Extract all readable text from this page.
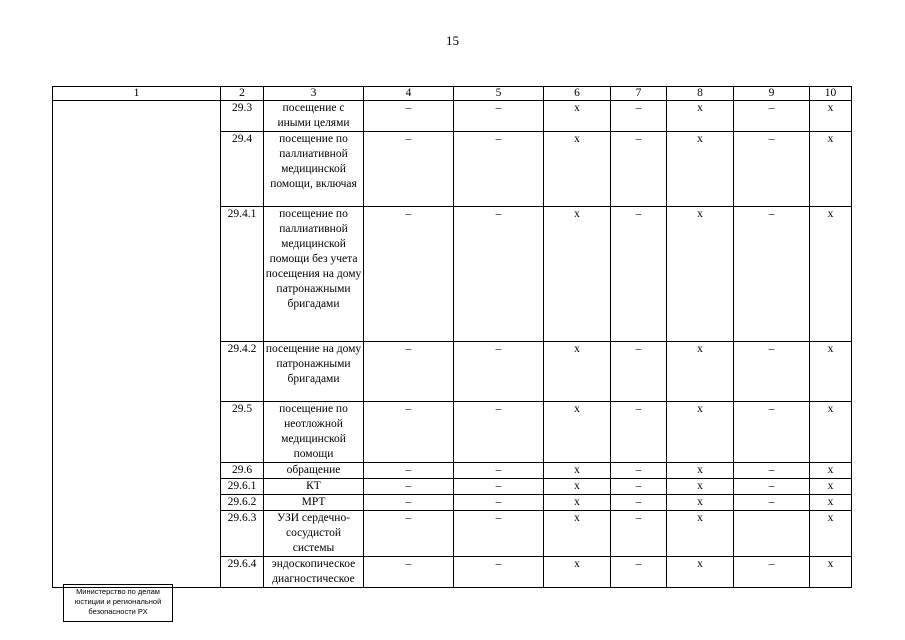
15
1	2	3	4	5	6	7	8	9	10
	29.3	посещение с иными целями	–	–	x	–	x	–	x
	29.4	посещение по паллиативной медицинской помощи, включая	–	–	x	–	x	–	x
	29.4.1	посещение по паллиативной медицинской помощи без учета посещения на дому патронажными бригадами	–	–	x	–	x	–	x
	29.4.2	посещение на дому патронажными бригадами	–	–	x	–	x	–	x
	29.5	посещение по неотложной медицинской помощи	–	–	x	–	x	–	x
	29.6	обращение	–	–	x	–	x	–	x
	29.6.1	КТ	–	–	x	–	x	–	x
	29.6.2	МРТ	–	–	x	–	x	–	x
	29.6.3	УЗИ сердечно-сосудистой системы	–	–	x	–	x		x
	29.6.4	эндоскопическое диагностическое	–	–	x	–	x	–	x
Министерство по делам
юстиции и региональной
безопасности РХ
